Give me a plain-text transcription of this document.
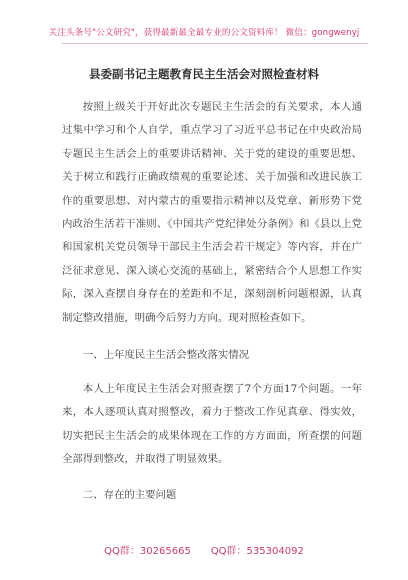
关注头条号"公文研究"，获得最新最全最专业的公文资料库！ 微信：gongwenyj
县委副书记主题教育民主生活会对照检查材料
按照上级关于开好此次专题民主生活会的有关要求，本人通过集中学习和个人自学，重点学习了习近平总书记在中央政治局专题民主生活会上的重要讲话精神、关于党的建设的重要思想、关于树立和践行正确政绩观的重要论述、关于加强和改进民族工作的重要思想、对内蒙古的重要指示精神以及党章、新形势下党内政治生活若干准则、《中国共产党纪律处分条例》和《县以上党和国家机关党员领导干部民主生活会若干规定》等内容，并在广泛征求意见、深入谈心交流的基础上，紧密结合个人思想工作实际，深入查摆自身存在的差距和不足，深刻剖析问题根源，认真制定整改措施，明确今后努力方向。现对照检查如下。
一、上年度民主生活会整改落实情况
本人上年度民主生活会对照查摆了7个方面17个问题。一年来，本人逐项认真对照整改，着力于整改工作见真章、得实效，切实把民主生活会的成果体现在工作的方方面面，所查摆的问题全部得到整改，并取得了明显效果。
二、存在的主要问题
QQ群：30265665 QQ群：535304092
